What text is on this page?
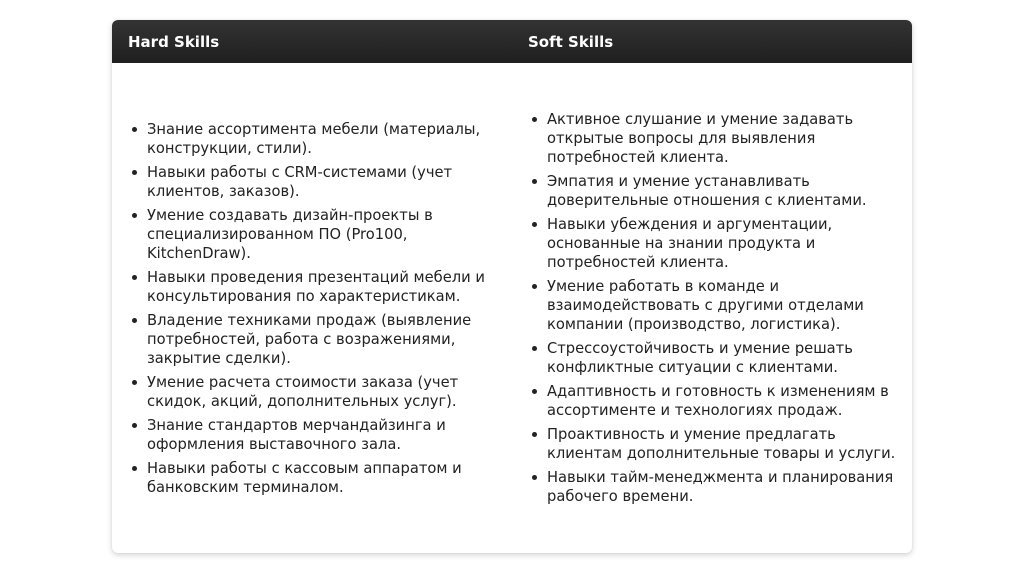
Hard Skills	Soft Skills
Знание ассортимента мебели (материалы, конструкции, стили).
Навыки работы с CRM-системами (учет клиентов, заказов).
Умение создавать дизайн-проекты в специализированном ПО (Pro100, KitchenDraw).
Навыки проведения презентаций мебели и консультирования по характеристикам.
Владение техниками продаж (выявление потребностей, работа с возражениями, закрытие сделки).
Умение расчета стоимости заказа (учет скидок, акций, дополнительных услуг).
Знание стандартов мерчандайзинга и оформления выставочного зала.
Навыки работы с кассовым аппаратом и банковским терминалом.
Активное слушание и умение задавать открытые вопросы для выявления потребностей клиента.
Эмпатия и умение устанавливать доверительные отношения с клиентами.
Навыки убеждения и аргументации, основанные на знании продукта и потребностей клиента.
Умение работать в команде и взаимодействовать с другими отделами компании (производство, логистика).
Стрессоустойчивость и умение решать конфликтные ситуации с клиентами.
Адаптивность и готовность к изменениям в ассортименте и технологиях продаж.
Проактивность и умение предлагать клиентам дополнительные товары и услуги.
Навыки тайм-менеджмента и планирования рабочего времени.
